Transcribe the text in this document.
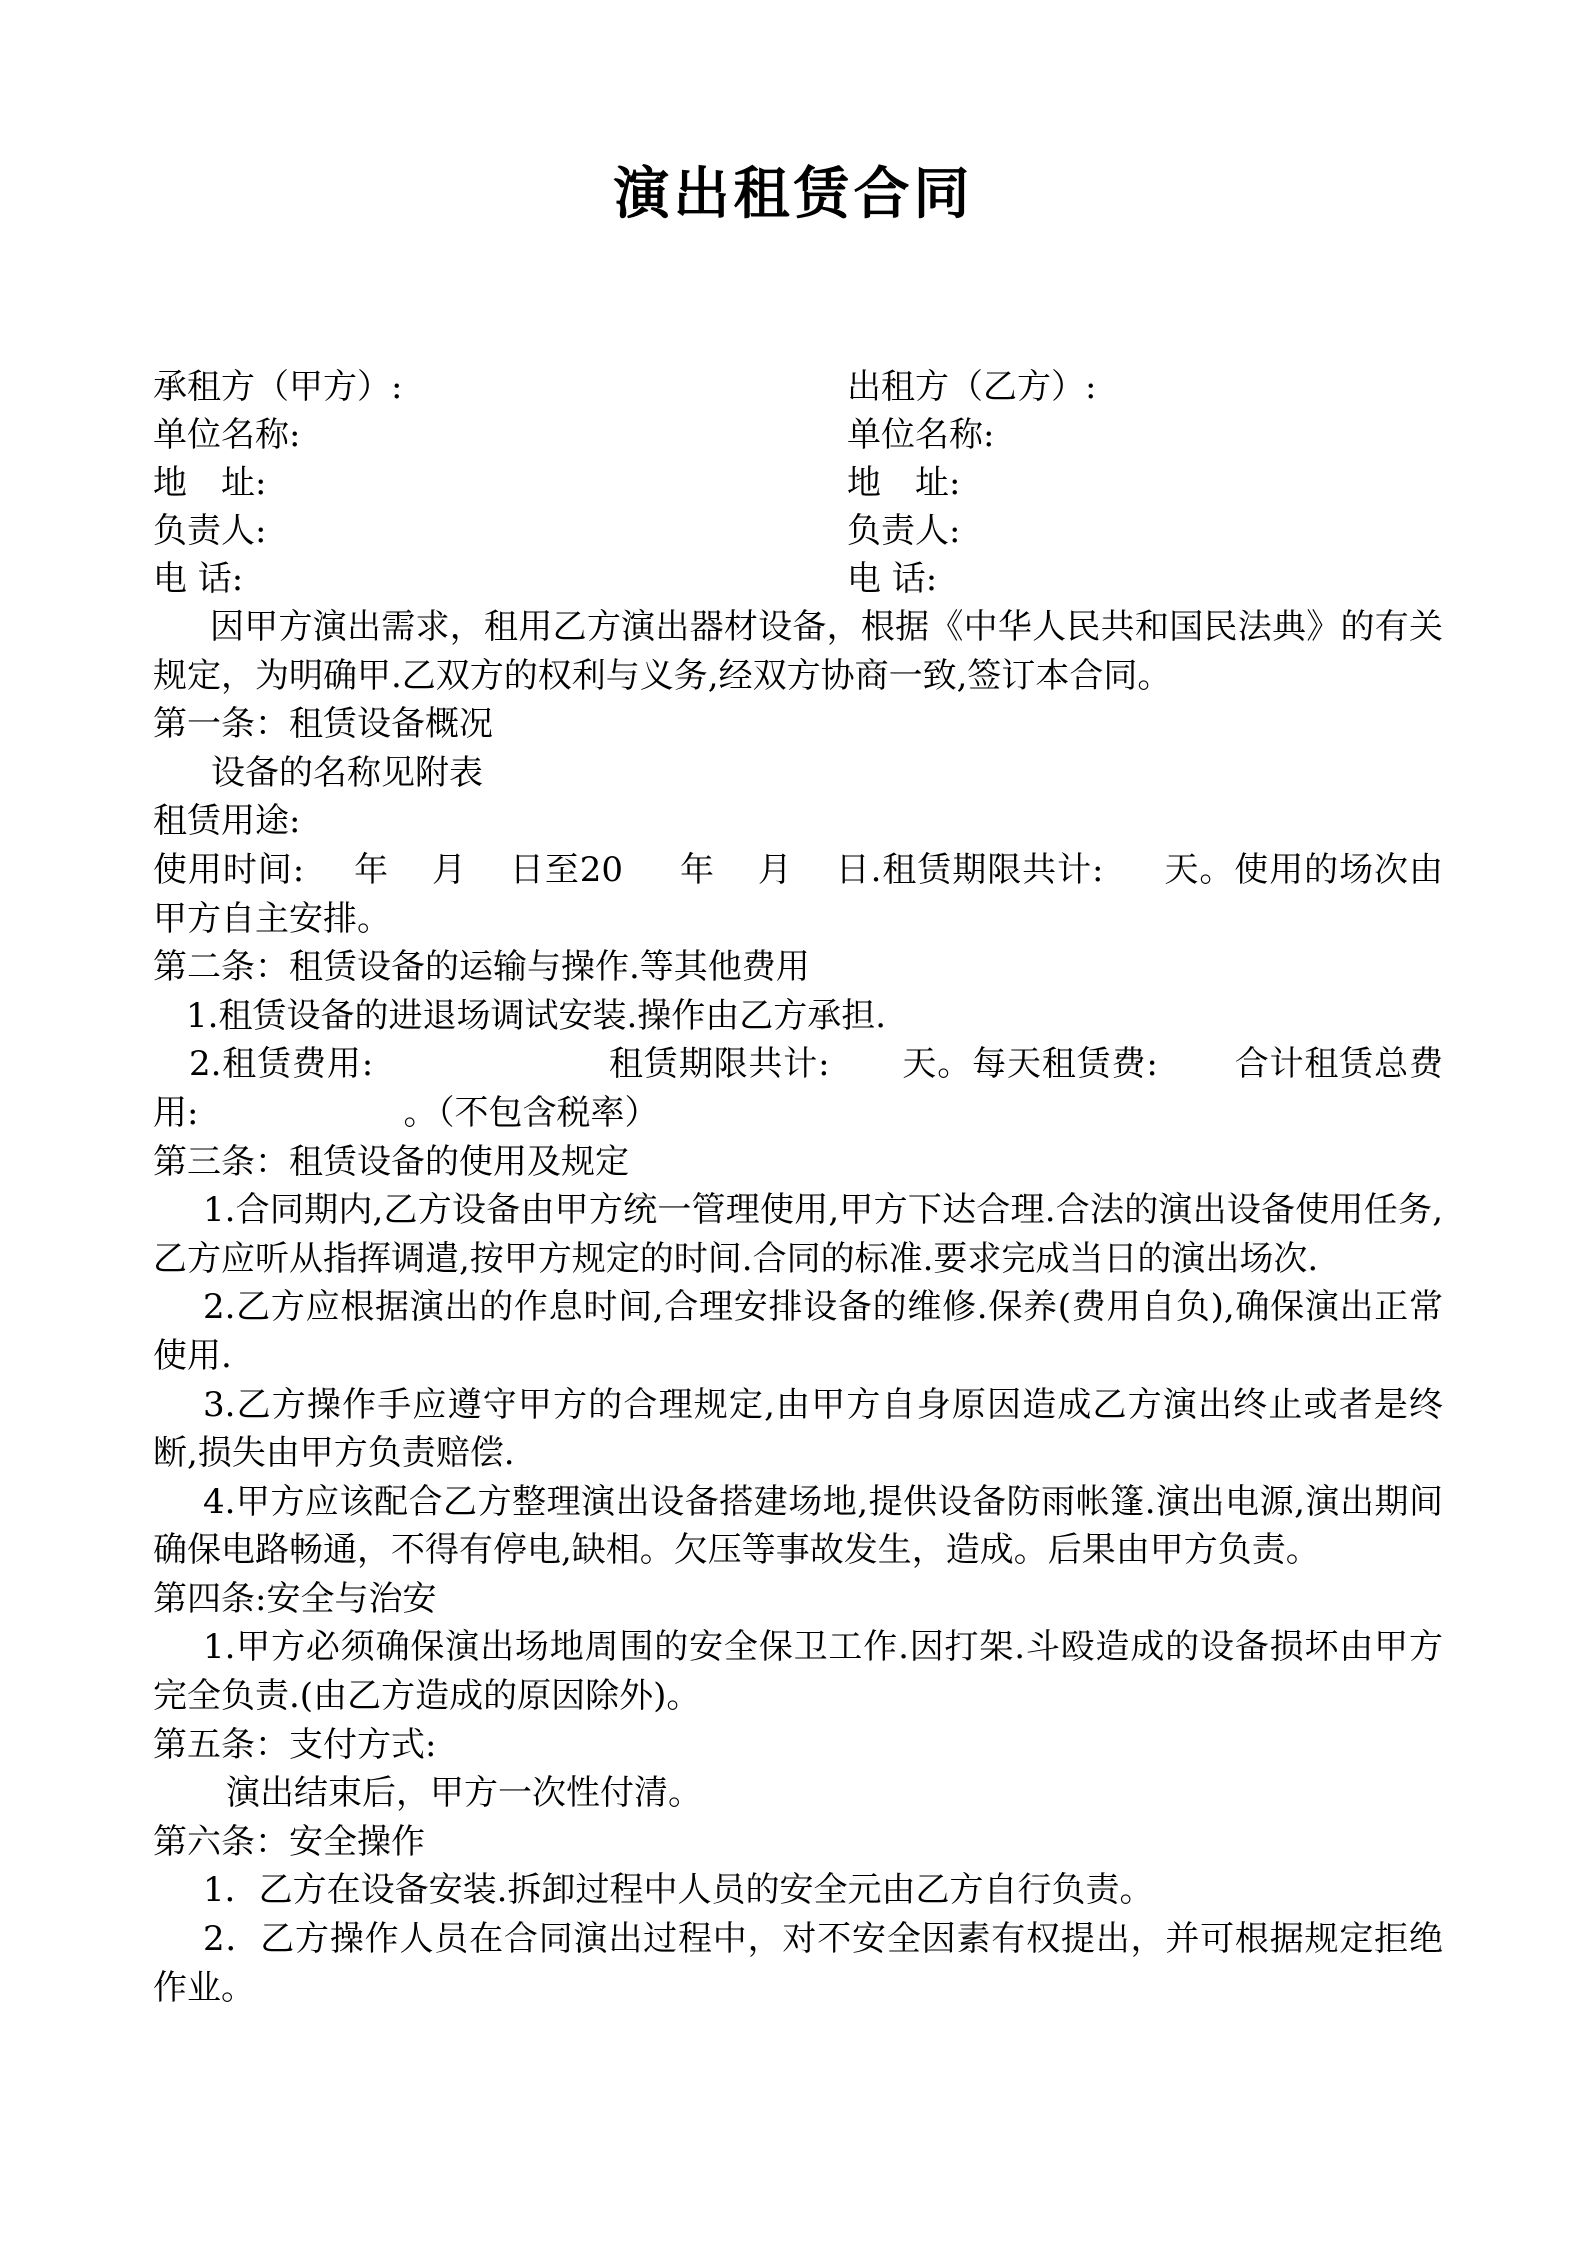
演出租赁合同
承租方（甲方）:	出租方（乙方）:
单位名称:	单位名称:
地　址:	地　址:
负责人:	负责人:
电 话:	电 话:

因甲方演出需求，租用乙方演出器材设备，根据《中华人民共和国民法典》的有关规定，为明确甲.乙双方的权利与义务,经双方协商一致,签订本合同。

第一条：租赁设备概况

设备的名称见附表

租赁用途:

使用时间: 年 月 日至20 年 月 日.租赁期限共计: 天。使用的场次由甲方自主安排。

第二条：租赁设备的运输与操作.等其他费用

1.租赁设备的进退场调试安装.操作由乙方承担.

2.租赁费用:	租赁期限共计: 天。每天租赁费: 合计租赁总费用:	。（不包含税率）

第三条：租赁设备的使用及规定

1.合同期内,乙方设备由甲方统一管理使用,甲方下达合理.合法的演出设备使用任务,乙方应听从指挥调遣,按甲方规定的时间.合同的标准.要求完成当日的演出场次.

2.乙方应根据演出的作息时间,合理安排设备的维修.保养(费用自负),确保演出正常使用.

3.乙方操作手应遵守甲方的合理规定,由甲方自身原因造成乙方演出终止或者是终断,损失由甲方负责赔偿.

4.甲方应该配合乙方整理演出设备搭建场地,提供设备防雨帐篷.演出电源,演出期间确保电路畅通，不得有停电,缺相。欠压等事故发生，造成。后果由甲方负责。

第四条:安全与治安

1.甲方必须确保演出场地周围的安全保卫工作.因打架.斗殴造成的设备损坏由甲方完全负责.(由乙方造成的原因除外)。

第五条：支付方式:

演出结束后，甲方一次性付清。

第六条：安全操作

1．乙方在设备安装.拆卸过程中人员的安全元由乙方自行负责。

2．乙方操作人员在合同演出过程中，对不安全因素有权提出，并可根据规定拒绝作业。
